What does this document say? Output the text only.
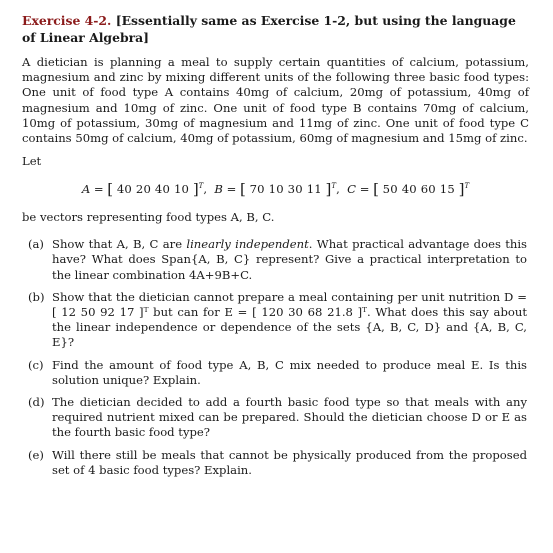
Exercise 4-2. [Essentially same as Exercise 1-2, but using the language of Linear Algebra]
A dietician is planning a meal to supply certain quantities of calcium, potassium, magnesium and zinc by mixing different units of the following three basic food types: One unit of food type A contains 40mg of calcium, 20mg of potassium, 40mg of magnesium and 10mg of zinc. One unit of food type B contains 70mg of calcium, 10mg of potassium, 30mg of magnesium and 11mg of zinc. One unit of food type C contains 50mg of calcium, 40mg of potassium, 60mg of magnesium and 15mg of zinc.
Let
A = [ 40 20 40 10 ]$^T$,  B = [ 70 10 30 11 ]$^T$,  C = [ 50 40 60 15 ]$^T$
be vectors representing food types A, B, C.
(a) Show that A, B, C are linearly independent. What practical advantage does this have? What does Span{A, B, C} represent? Give a practical interpretation to the linear combination 4A+9B+C.
(b) Show that the dietician cannot prepare a meal containing per unit nutrition D = [ 12 50 92 17 ]ᵀ but can for E = [ 120 30 68 21.8 ]ᵀ. What does this say about the linear independence or dependence of the sets {A, B, C, D} and {A, B, C, E}?
(c) Find the amount of food type A, B, C mix needed to produce meal E. Is this solution unique? Explain.
(d) The dietician decided to add a fourth basic food type so that meals with any required nutrient mixed can be prepared. Should the dietician choose D or E as the fourth basic food type?
(e) Will there still be meals that cannot be physically produced from the proposed set of 4 basic food types? Explain.
